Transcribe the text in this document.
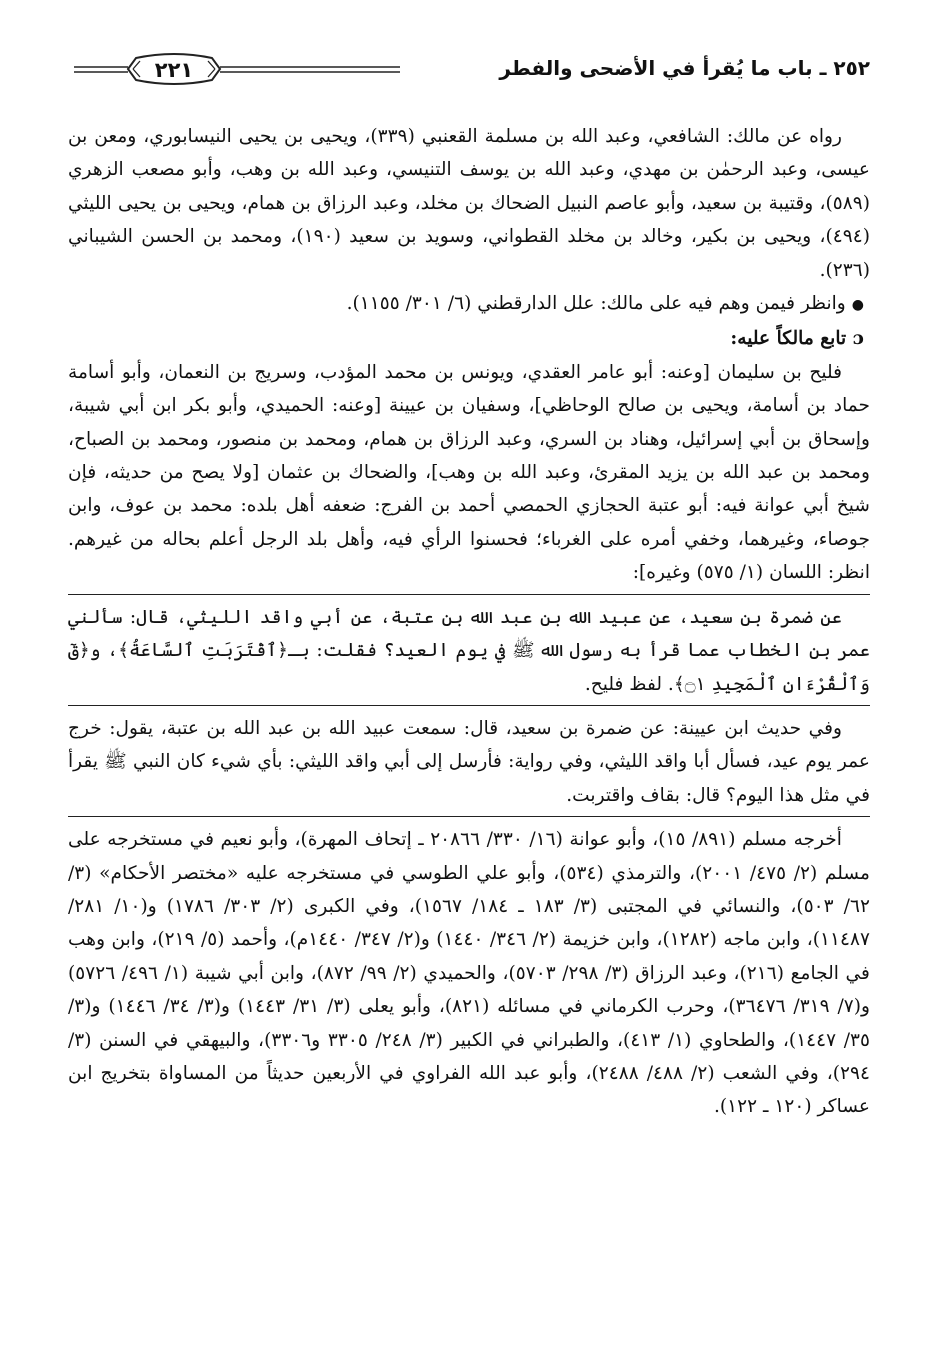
٢٥٢ ـ باب ما يُقرأ في الأضحى والفطر
٢٢١

رواه عن مالك: الشافعي، وعبد الله بن مسلمة القعنبي (٣٣٩)، ويحيى بن يحيى النيسابوري، ومعن بن عيسى، وعبد الرحمٰن بن مهدي، وعبد الله بن يوسف التنيسي، وعبد الله بن وهب، وأبو مصعب الزهري (٥٨٩)، وقتيبة بن سعيد، وأبو عاصم النبيل الضحاك بن مخلد، وعبد الرزاق بن همام، ويحيى بن يحيى الليثي (٤٩٤)، ويحيى بن بكير، وخالد بن مخلد القطواني، وسويد بن سعيد (١٩٠)، ومحمد بن الحسن الشيباني (٢٣٦).

●وانظر فيمن وهم فيه على مالك: علل الدارقطني (٦/ ٣٠١/ ١١٥٥).

ɔ تابع مالكاً عليه:

فليح بن سليمان [وعنه: أبو عامر العقدي، ويونس بن محمد المؤدب، وسريج بن النعمان، وأبو أسامة حماد بن أسامة، ويحيى بن صالح الوحاظي]، وسفيان بن عيينة [وعنه: الحميدي، وأبو بكر ابن أبي شيبة، وإسحاق بن أبي إسرائيل، وهناد بن السري، وعبد الرزاق بن همام، ومحمد بن منصور، ومحمد بن الصباح، ومحمد بن عبد الله بن يزيد المقرئ، وعبد الله بن وهب]، والضحاك بن عثمان [ولا يصح من حديثه، فإن شيخ أبي عوانة فيه: أبو عتبة الحجازي الحمصي أحمد بن الفرج: ضعفه أهل بلده: محمد بن عوف، وابن جوصاء، وغيرهما، وخفي أمره على الغرباء؛ فحسنوا الرأي فيه، وأهل بلد الرجل أعلم بحاله من غيرهم. انظر: اللسان (١/ ٥٧٥) وغيره]:

عن ضمرة بن سعيد، عن عبيد الله بن عبد الله بن عتبة، عن أبي واقد الليثي، قال: سألني عمر بن الخطاب عما قرأ به رسول الله ﷺ في يوم العيد؟ فقلت: بـ﴿ٱقْتَرَبَتِ ٱلسَّاعَةُ﴾، و﴿قٓ وَٱلْقُرْءَانِ ٱلْمَجِيدِ ۝١﴾. لفظ فليح.

وفي حديث ابن عيينة: عن ضمرة بن سعيد، قال: سمعت عبيد الله بن عبد الله بن عتبة، يقول: خرج عمر يوم عيد، فسأل أبا واقد الليثي، وفي رواية: فأرسل إلى أبي واقد الليثي: بأي شيء كان النبي ﷺ يقرأ في مثل هذا اليوم؟ قال: بقاف واقتربت.

أخرجه مسلم (٨٩١/ ١٥)، وأبو عوانة (١٦/ ٣٣٠/ ٢٠٨٦٦ ـ إتحاف المهرة)، وأبو نعيم في مستخرجه على مسلم (٢/ ٤٧٥/ ٢٠٠١)، والترمذي (٥٣٤)، وأبو علي الطوسي في مستخرجه عليه «مختصر الأحكام» (٣/ ٦٢/ ٥٠٣)، والنسائي في المجتبى (٣/ ١٨٣ ـ ١٨٤/ ١٥٦٧)، وفي الكبرى (٢/ ٣٠٣/ ١٧٨٦) و(١٠/ ٢٨١/ ١١٤٨٧)، وابن ماجه (١٢٨٢)، وابن خزيمة (٢/ ٣٤٦/ ١٤٤٠) و(٢/ ٣٤٧/ ١٤٤٠م)، وأحمد (٥/ ٢١٩)، وابن وهب في الجامع (٢١٦)، وعبد الرزاق (٣/ ٢٩٨/ ٥٧٠٣)، والحميدي (٢/ ٩٩/ ٨٧٢)، وابن أبي شيبة (١/ ٤٩٦/ ٥٧٢٦) و(٧/ ٣١٩/ ٣٦٤٧٦)، وحرب الكرماني في مسائله (٨٢١)، وأبو يعلى (٣/ ٣١/ ١٤٤٣) و(٣/ ٣٤/ ١٤٤٦) و(٣/ ٣٥/ ١٤٤٧)، والطحاوي (١/ ٤١٣)، والطبراني في الكبير (٣/ ٢٤٨/ ٣٣٠٥ و٣٣٠٦)، والبيهقي في السنن (٣/ ٢٩٤)، وفي الشعب (٢/ ٤٨٨/ ٢٤٨٨)، وأبو عبد الله الفراوي في الأربعين حديثاً من المساواة بتخريج ابن عساكر (١٢٠ ـ ١٢٢).
